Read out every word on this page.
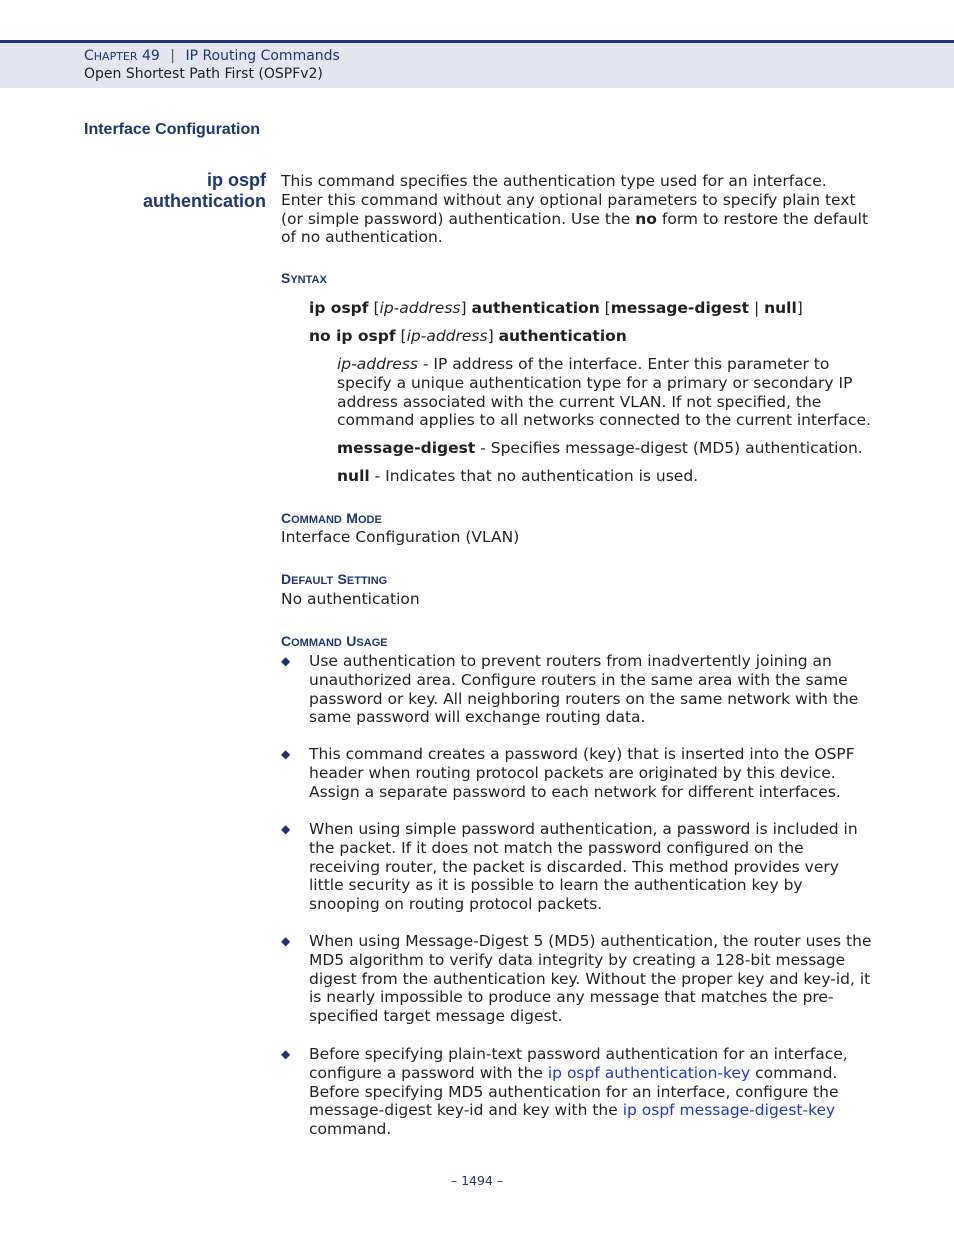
CHAPTER 49 | IP Routing Commands
Open Shortest Path First (OSPFv2)
Interface Configuration
ip ospf
authentication

This command specifies the authentication type used for an interface. Enter this command without any optional parameters to specify plain text (or simple password) authentication. Use the no form to restore the default of no authentication.

SYNTAX
ip ospf [ip-address] authentication [message-digest | null]
no ip ospf [ip-address] authentication
ip-address - IP address of the interface. Enter this parameter to specify a unique authentication type for a primary or secondary IP address associated with the current VLAN. If not specified, the command applies to all networks connected to the current interface.
message-digest - Specifies message-digest (MD5) authentication.
null - Indicates that no authentication is used.
COMMAND MODE
Interface Configuration (VLAN)
DEFAULT SETTING
No authentication
COMMAND USAGE
◆ Use authentication to prevent routers from inadvertently joining an unauthorized area. Configure routers in the same area with the same password or key. All neighboring routers on the same network with the same password will exchange routing data.
◆ This command creates a password (key) that is inserted into the OSPF header when routing protocol packets are originated by this device. Assign a separate password to each network for different interfaces.
◆ When using simple password authentication, a password is included in the packet. If it does not match the password configured on the receiving router, the packet is discarded. This method provides very little security as it is possible to learn the authentication key by snooping on routing protocol packets.
◆ When using Message-Digest 5 (MD5) authentication, the router uses the MD5 algorithm to verify data integrity by creating a 128-bit message digest from the authentication key. Without the proper key and key-id, it is nearly impossible to produce any message that matches the pre-specified target message digest.
◆ Before specifying plain-text password authentication for an interface, configure a password with the ip ospf authentication-key command. Before specifying MD5 authentication for an interface, configure the message-digest key-id and key with the ip ospf message-digest-key command.
– 1494 –
